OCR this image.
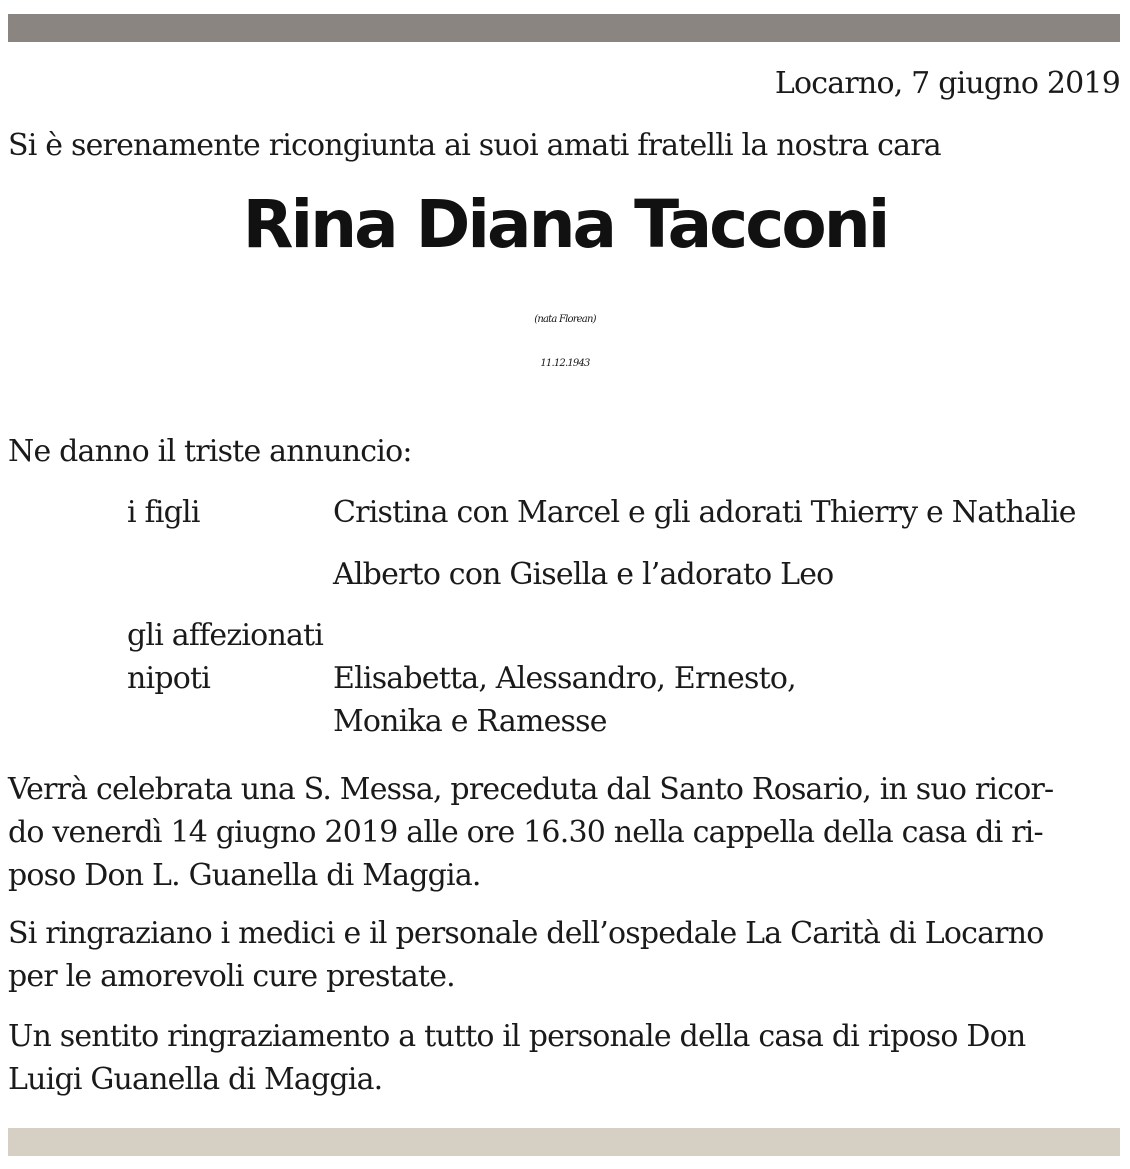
Locarno, 7 giugno 2019
Si è serenamente ricongiunta ai suoi amati fratelli la nostra cara
Rina Diana Tacconi
(nata Florean)
11.12.1943
Ne danno il triste annuncio:
i figli	Cristina con Marcel e gli adorati Thierry e Nathalie
Alberto con Gisella e l’adorato Leo
gli affezionati
nipoti	Elisabetta, Alessandro, Ernesto,
Monika e Ramesse
Verrà celebrata una S. Messa, preceduta dal Santo Rosario, in suo ricor-
do venerdì 14 giugno 2019 alle ore 16.30 nella cappella della casa di ri-
poso Don L. Guanella di Maggia.
Si ringraziano i medici e il personale dell’ospedale La Carità di Locarno
per le amorevoli cure prestate.
Un sentito ringraziamento a tutto il personale della casa di riposo Don
Luigi Guanella di Maggia.
